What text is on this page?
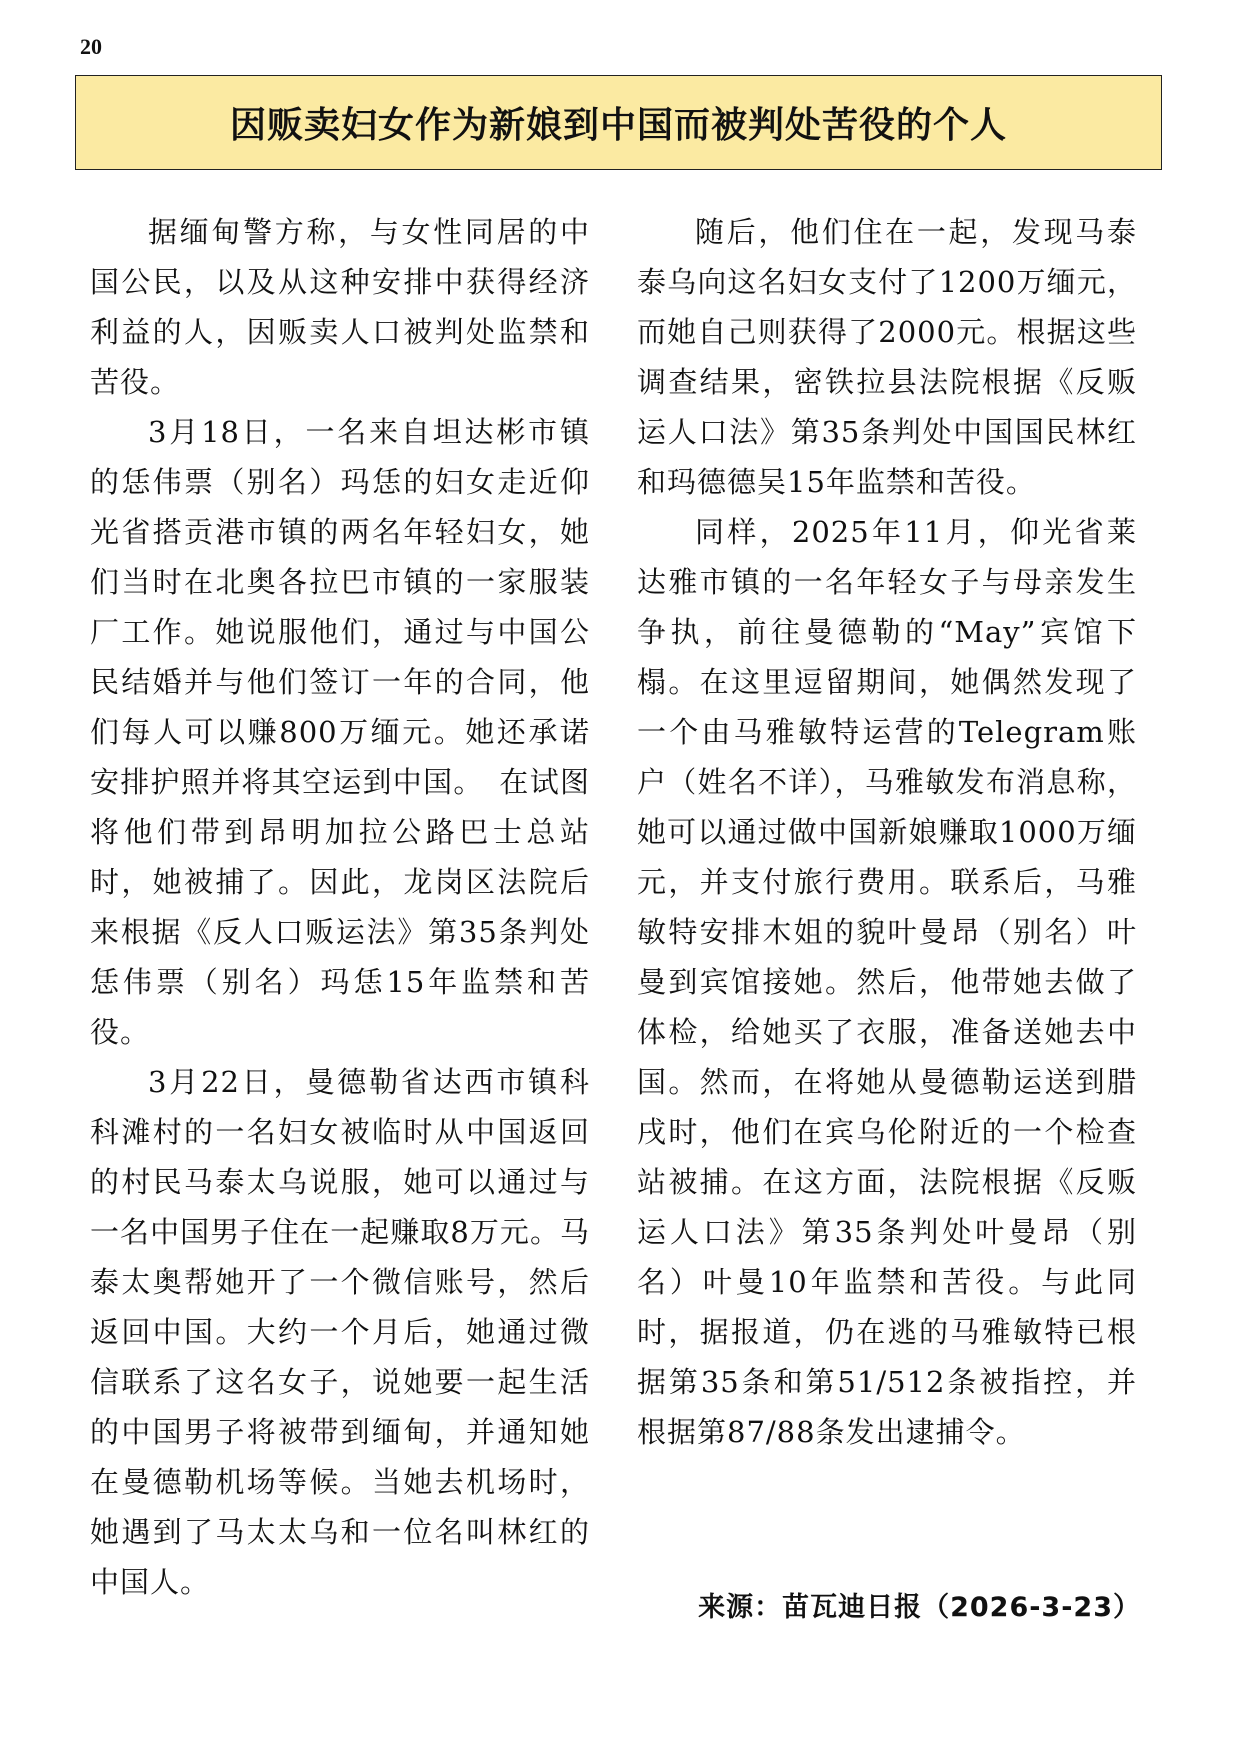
20
因贩卖妇女作为新娘到中国而被判处苦役的个人

据缅甸警方称，与女性同居的中国公民，以及从这种安排中获得经济利益的人，因贩卖人口被判处监禁和苦役。

3月18日，一名来自坦达彬市镇的恁伟票（别名）玛恁的妇女走近仰光省搭贡港市镇的两名年轻妇女，她们当时在北奥各拉巴市镇的一家服装厂工作。她说服他们，通过与中国公民结婚并与他们签订一年的合同，他们每人可以赚800万缅元。她还承诺安排护照并将其空运到中国。　在试图将他们带到昂明加拉公路巴士总站时，她被捕了。因此，龙岗区法院后来根据《反人口贩运法》第35条判处恁伟票（别名）玛恁15年监禁和苦役。

3月22日，曼德勒省达西市镇科科滩村的一名妇女被临时从中国返回的村民马泰太乌说服，她可以通过与一名中国男子住在一起赚取8万元。马泰太奥帮她开了一个微信账号，然后返回中国。大约一个月后，她通过微信联系了这名女子，说她要一起生活的中国男子将被带到缅甸，并通知她在曼德勒机场等候。当她去机场时，她遇到了马太太乌和一位名叫林红的中国人。

随后，他们住在一起，发现马泰泰乌向这名妇女支付了1200万缅元，而她自己则获得了2000元。根据这些调查结果，密铁拉县法院根据《反贩运人口法》第35条判处中国国民林红和玛德德吴15年监禁和苦役。

同样，2025年11月，仰光省莱达雅市镇的一名年轻女子与母亲发生争执，前往曼德勒的“May”宾馆下榻。在这里逗留期间，她偶然发现了一个由马雅敏特运营的Telegram账户（姓名不详），马雅敏发布消息称，她可以通过做中国新娘赚取1000万缅元，并支付旅行费用。联系后，马雅敏特安排木姐的貌叶曼昂（别名）叶曼到宾馆接她。然后，他带她去做了体检，给她买了衣服，准备送她去中国。然而，在将她从曼德勒运送到腊戌时，他们在宾乌伦附近的一个检查站被捕。在这方面，法院根据《反贩运人口法》第35条判处叶曼昂（别名）叶曼10年监禁和苦役。与此同时，据报道，仍在逃的马雅敏特已根据第35条和第51/512条被指控，并根据第87/88条发出逮捕令。

来源：苗瓦迪日报（2026-3-23）
